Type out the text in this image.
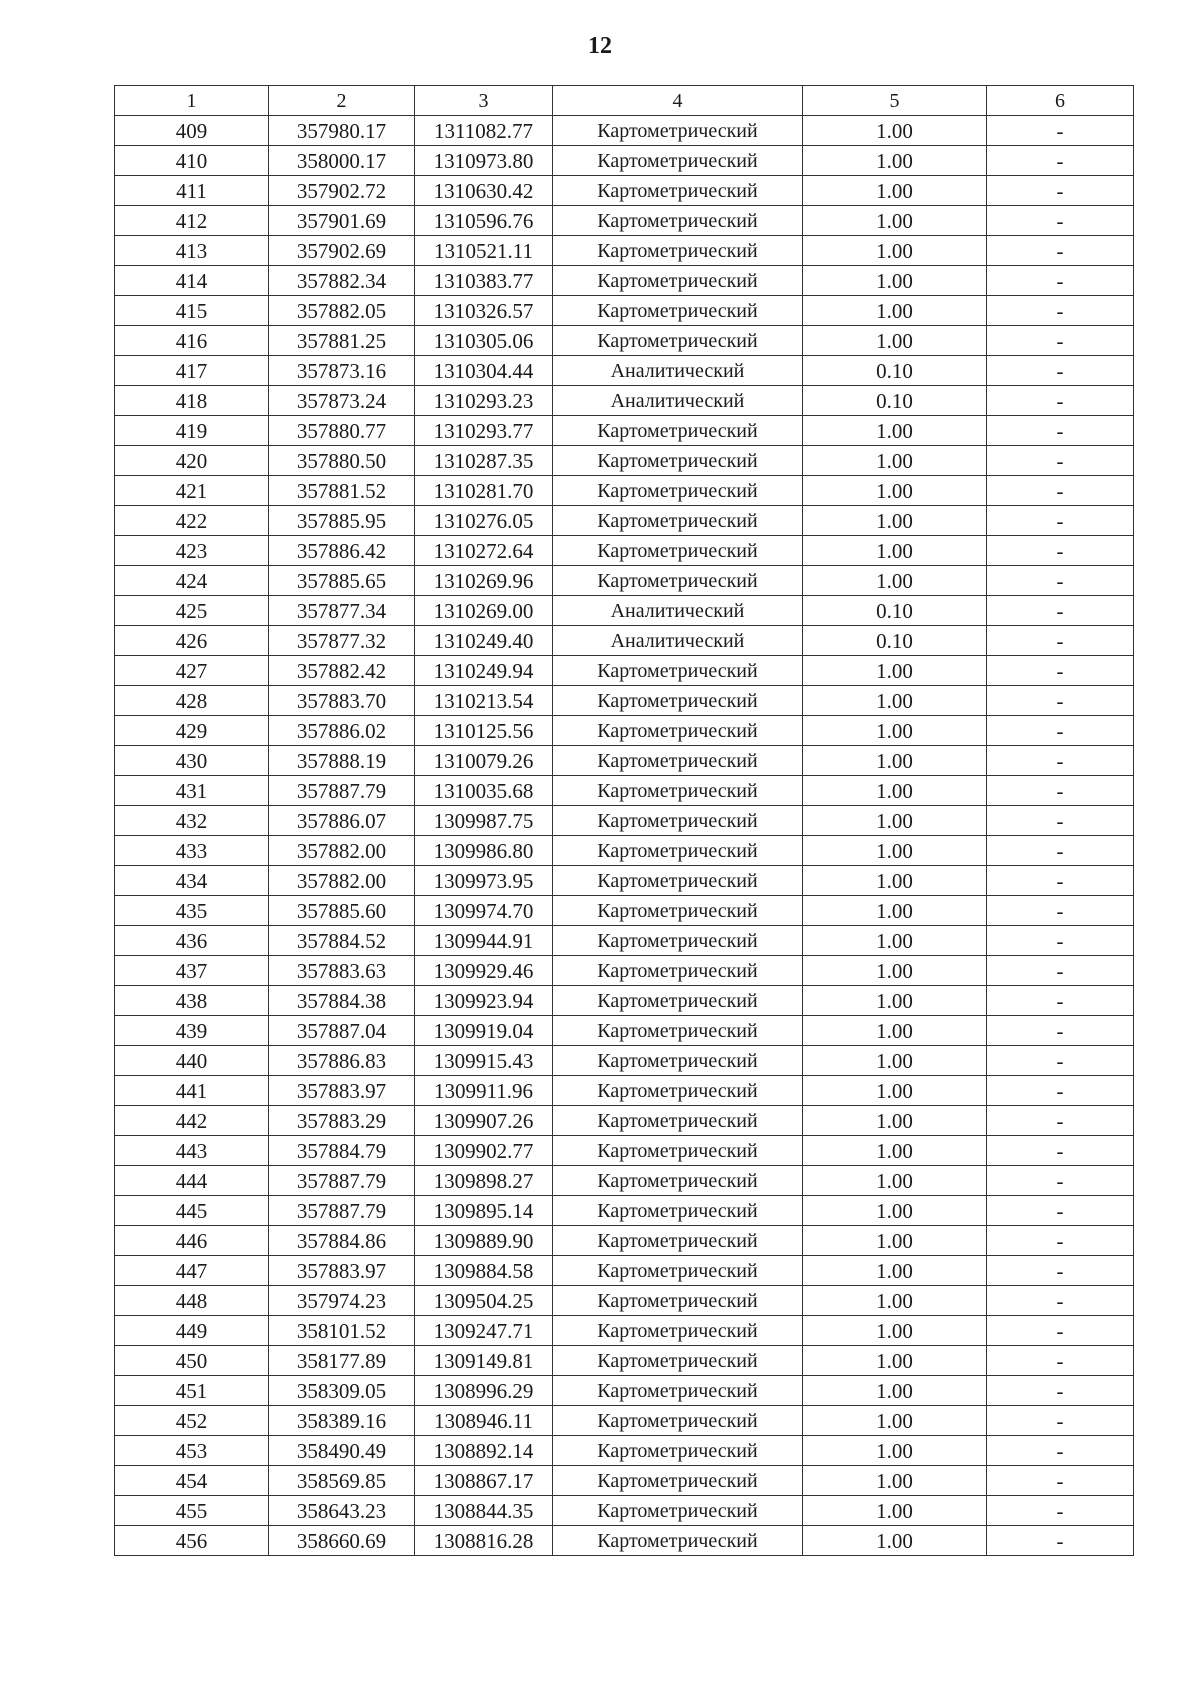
12
1	2	3	4	5	6
409	357980.17	1311082.77	Картометрический	1.00	-
410	358000.17	1310973.80	Картометрический	1.00	-
411	357902.72	1310630.42	Картометрический	1.00	-
412	357901.69	1310596.76	Картометрический	1.00	-
413	357902.69	1310521.11	Картометрический	1.00	-
414	357882.34	1310383.77	Картометрический	1.00	-
415	357882.05	1310326.57	Картометрический	1.00	-
416	357881.25	1310305.06	Картометрический	1.00	-
417	357873.16	1310304.44	Аналитический	0.10	-
418	357873.24	1310293.23	Аналитический	0.10	-
419	357880.77	1310293.77	Картометрический	1.00	-
420	357880.50	1310287.35	Картометрический	1.00	-
421	357881.52	1310281.70	Картометрический	1.00	-
422	357885.95	1310276.05	Картометрический	1.00	-
423	357886.42	1310272.64	Картометрический	1.00	-
424	357885.65	1310269.96	Картометрический	1.00	-
425	357877.34	1310269.00	Аналитический	0.10	-
426	357877.32	1310249.40	Аналитический	0.10	-
427	357882.42	1310249.94	Картометрический	1.00	-
428	357883.70	1310213.54	Картометрический	1.00	-
429	357886.02	1310125.56	Картометрический	1.00	-
430	357888.19	1310079.26	Картометрический	1.00	-
431	357887.79	1310035.68	Картометрический	1.00	-
432	357886.07	1309987.75	Картометрический	1.00	-
433	357882.00	1309986.80	Картометрический	1.00	-
434	357882.00	1309973.95	Картометрический	1.00	-
435	357885.60	1309974.70	Картометрический	1.00	-
436	357884.52	1309944.91	Картометрический	1.00	-
437	357883.63	1309929.46	Картометрический	1.00	-
438	357884.38	1309923.94	Картометрический	1.00	-
439	357887.04	1309919.04	Картометрический	1.00	-
440	357886.83	1309915.43	Картометрический	1.00	-
441	357883.97	1309911.96	Картометрический	1.00	-
442	357883.29	1309907.26	Картометрический	1.00	-
443	357884.79	1309902.77	Картометрический	1.00	-
444	357887.79	1309898.27	Картометрический	1.00	-
445	357887.79	1309895.14	Картометрический	1.00	-
446	357884.86	1309889.90	Картометрический	1.00	-
447	357883.97	1309884.58	Картометрический	1.00	-
448	357974.23	1309504.25	Картометрический	1.00	-
449	358101.52	1309247.71	Картометрический	1.00	-
450	358177.89	1309149.81	Картометрический	1.00	-
451	358309.05	1308996.29	Картометрический	1.00	-
452	358389.16	1308946.11	Картометрический	1.00	-
453	358490.49	1308892.14	Картометрический	1.00	-
454	358569.85	1308867.17	Картометрический	1.00	-
455	358643.23	1308844.35	Картометрический	1.00	-
456	358660.69	1308816.28	Картометрический	1.00	-
